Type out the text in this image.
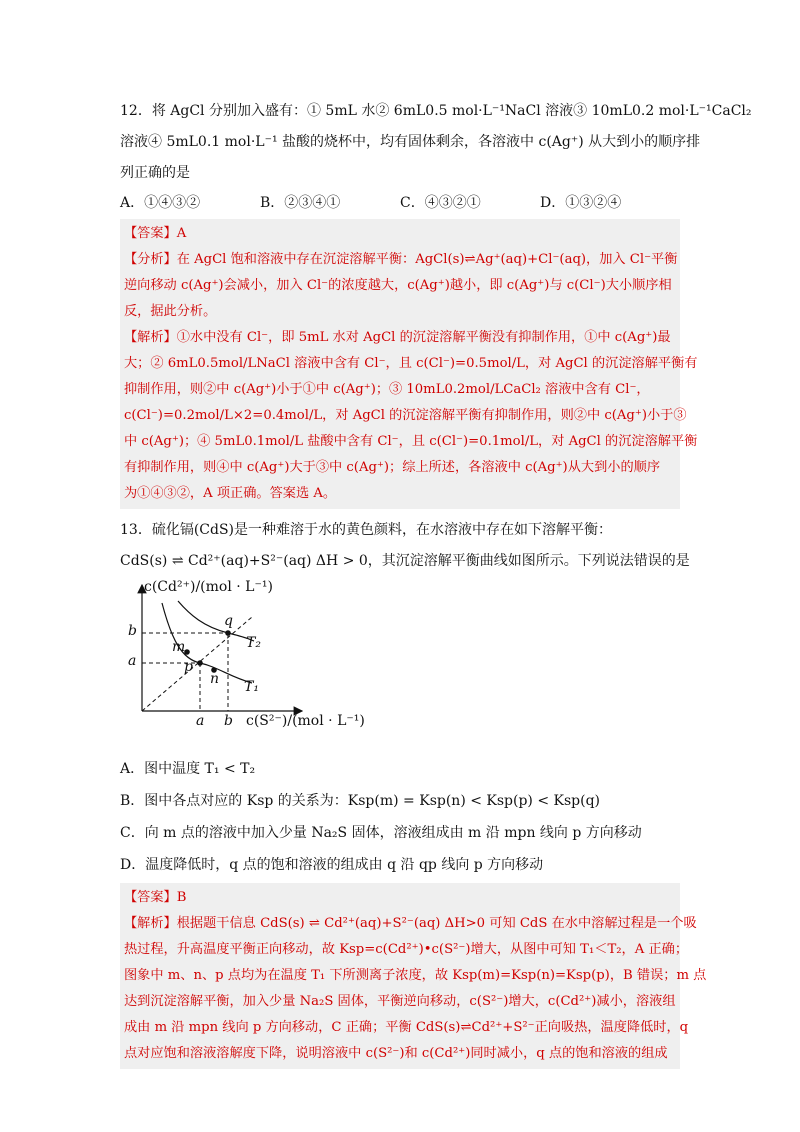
12．将 AgCl 分别加入盛有：① 5mL 水② 6mL0.5 mol·L⁻¹NaCl 溶液③ 10mL0.2 mol·L⁻¹CaCl₂
溶液④ 5mL0.1 mol·L⁻¹ 盐酸的烧杯中，均有固体剩余，各溶液中 c(Ag⁺) 从大到小的顺序排
列正确的是
A．①④③②	B．②③④①	C．④③②①	D．①③②④
【答案】A
【分析】在 AgCl 饱和溶液中存在沉淀溶解平衡：AgCl(s)⇌Ag⁺(aq)+Cl⁻(aq)，加入 Cl⁻平衡
逆向移动 c(Ag⁺)会减小，加入 Cl⁻的浓度越大，c(Ag⁺)越小，即 c(Ag⁺)与 c(Cl⁻)大小顺序相
反，据此分析。
【解析】①水中没有 Cl⁻，即 5mL 水对 AgCl 的沉淀溶解平衡没有抑制作用，①中 c(Ag⁺)最
大；② 6mL0.5mol/LNaCl 溶液中含有 Cl⁻，且 c(Cl⁻)=0.5mol/L，对 AgCl 的沉淀溶解平衡有
抑制作用，则②中 c(Ag⁺)小于①中 c(Ag⁺)；③ 10mL0.2mol/LCaCl₂ 溶液中含有 Cl⁻，
c(Cl⁻)=0.2mol/L×2=0.4mol/L，对 AgCl 的沉淀溶解平衡有抑制作用，则②中 c(Ag⁺)小于③
中 c(Ag⁺)；④ 5mL0.1mol/L 盐酸中含有 Cl⁻，且 c(Cl⁻)=0.1mol/L，对 AgCl 的沉淀溶解平衡
有抑制作用，则④中 c(Ag⁺)大于③中 c(Ag⁺)；综上所述，各溶液中 c(Ag⁺)从大到小的顺序
为①④③②，A 项正确。答案选 A。
13．硫化镉(CdS)是一种难溶于水的黄色颜料，在水溶液中存在如下溶解平衡：
CdS(s) ⇌ Cd²⁺(aq)+S²⁻(aq) ΔH > 0，其沉淀溶解平衡曲线如图所示。下列说法错误的是
c(Cd²⁺)/(mol · L⁻¹)
b
a
a b c(S²⁻)/(mol · L⁻¹)
m
p
n
q
T₂
T₁
A．图中温度 T₁ < T₂
B．图中各点对应的 Ksp 的关系为：Ksp(m) = Ksp(n) < Ksp(p) < Ksp(q)
C．向 m 点的溶液中加入少量 Na₂S 固体，溶液组成由 m 沿 mpn 线向 p 方向移动
D．温度降低时，q 点的饱和溶液的组成由 q 沿 qp 线向 p 方向移动
【答案】B
【解析】根据题干信息 CdS(s) ⇌ Cd²⁺(aq)+S²⁻(aq) ΔH>0 可知 CdS 在水中溶解过程是一个吸
热过程，升高温度平衡正向移动，故 Ksp=c(Cd²⁺)•c(S²⁻)增大，从图中可知 T₁＜T₂，A 正确；
图象中 m、n、p 点均为在温度 T₁ 下所测离子浓度，故 Ksp(m)=Ksp(n)=Ksp(p)，B 错误；m 点
达到沉淀溶解平衡，加入少量 Na₂S 固体，平衡逆向移动，c(S²⁻)增大，c(Cd²⁺)减小，溶液组
成由 m 沿 mpn 线向 p 方向移动，C 正确；平衡 CdS(s)⇌Cd²⁺+S²⁻正向吸热，温度降低时，q
点对应饱和溶液溶解度下降，说明溶液中 c(S²⁻)和 c(Cd²⁺)同时减小，q 点的饱和溶液的组成
